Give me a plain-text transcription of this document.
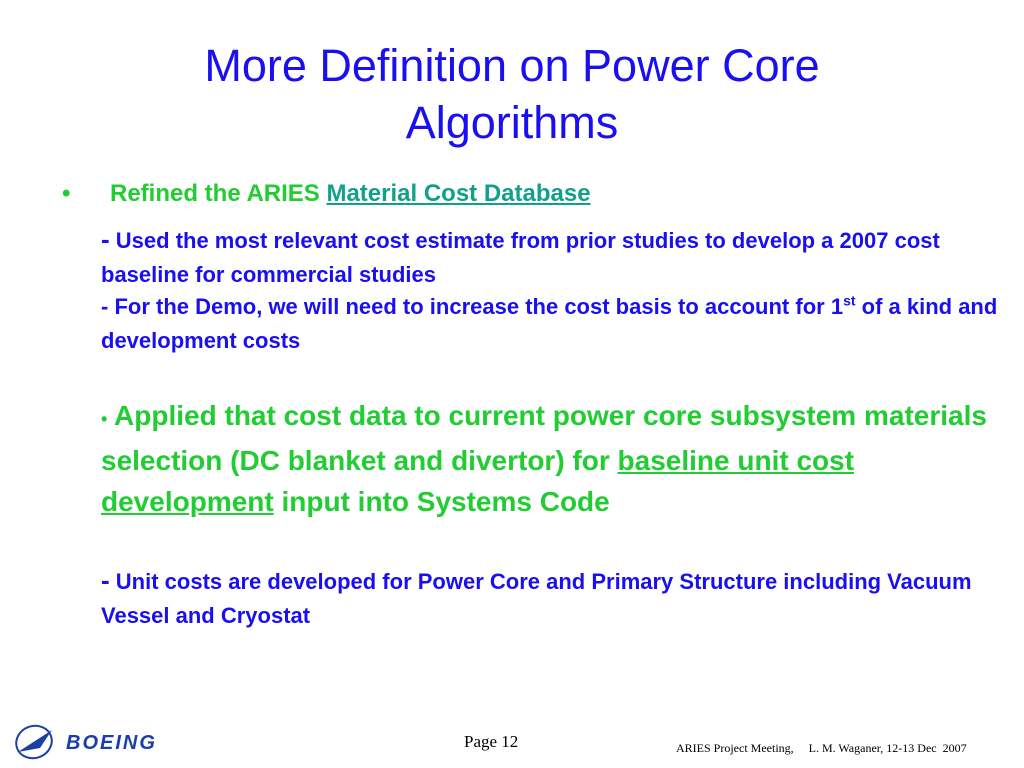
More Definition on Power Core
Algorithms
• Refined the ARIES Material Cost Database
- Used the most relevant cost estimate from prior studies to develop a 2007 cost baseline for commercial studies
- For the Demo, we will need to increase the cost basis to account for 1st of a kind and development costs
• Applied that cost data to current power core subsystem materials selection (DC blanket and divertor) for baseline unit cost development input into Systems Code
- Unit costs are developed for Power Core and Primary Structure including Vacuum Vessel and Cryostat
BOEING	Page 12	ARIES Project Meeting,     L. M. Waganer, 12-13 Dec  2007
